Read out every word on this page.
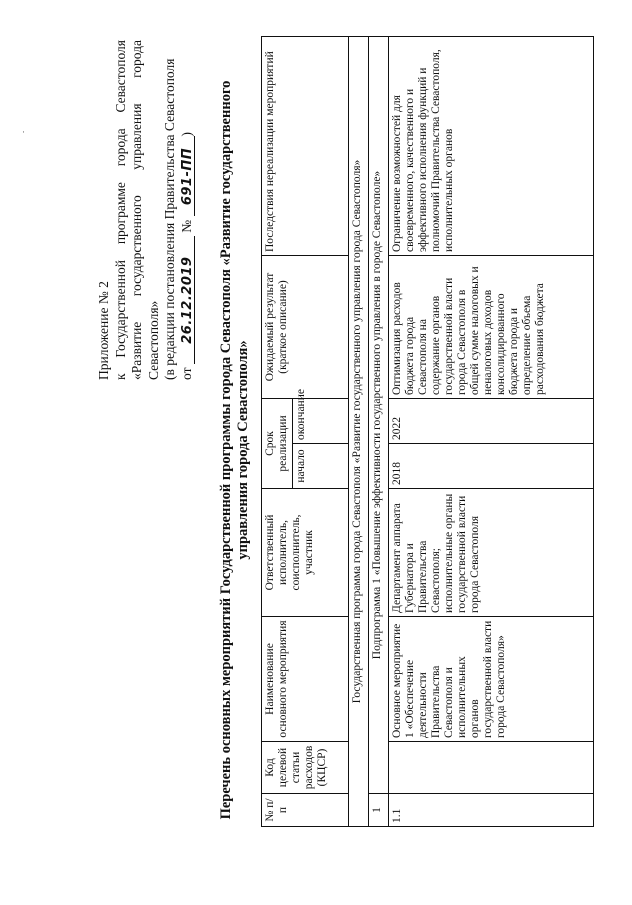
·
Приложение № 2 к Государственной программе города Севастополя «Развитие государственного управления города Севастополя» (в редакции постановления Правительства Севастополя от 26.12.2019 № 691-ПП) Перечень основных мероприятий Государственной программы города Севастополя «Развитие государственного управления города Севастополя»
№ п/п	Код целевой статьи расходов (КЦСР)	Наименование основного мероприятия	Ответственный исполнитель, соисполнитель, участник	Срок реализации		Ожидаемый результат (краткое описание)	Последствия нереализации мероприятий
				начало	окончание		
Государственная программа города Севастополя «Развитие государственного управления города Севастополя»							
1	Подпрограмма 1 «Повышение эффективности государственного управления в городе Севастополе»						
1.1		Основное мероприятие 1 «Обеспечение деятельности Правительства Севастополя и исполнительных органов государственной власти города Севастополя»	Департамент аппарата Губернатора и Правительства Севастополя; исполнительные органы государственной власти города Севастополя	2018	2022	Оптимизация расходов бюджета города Севастополя на содержание органов государственной власти города Севастополя в общей сумме налоговых и неналоговых доходов консолидированного бюджета города и определение объема расходования бюджета	Ограничение возможностей для своевременного, качественного и эффективного исполнения функций и полномочий Правительства Севастополя, исполнительных органов
